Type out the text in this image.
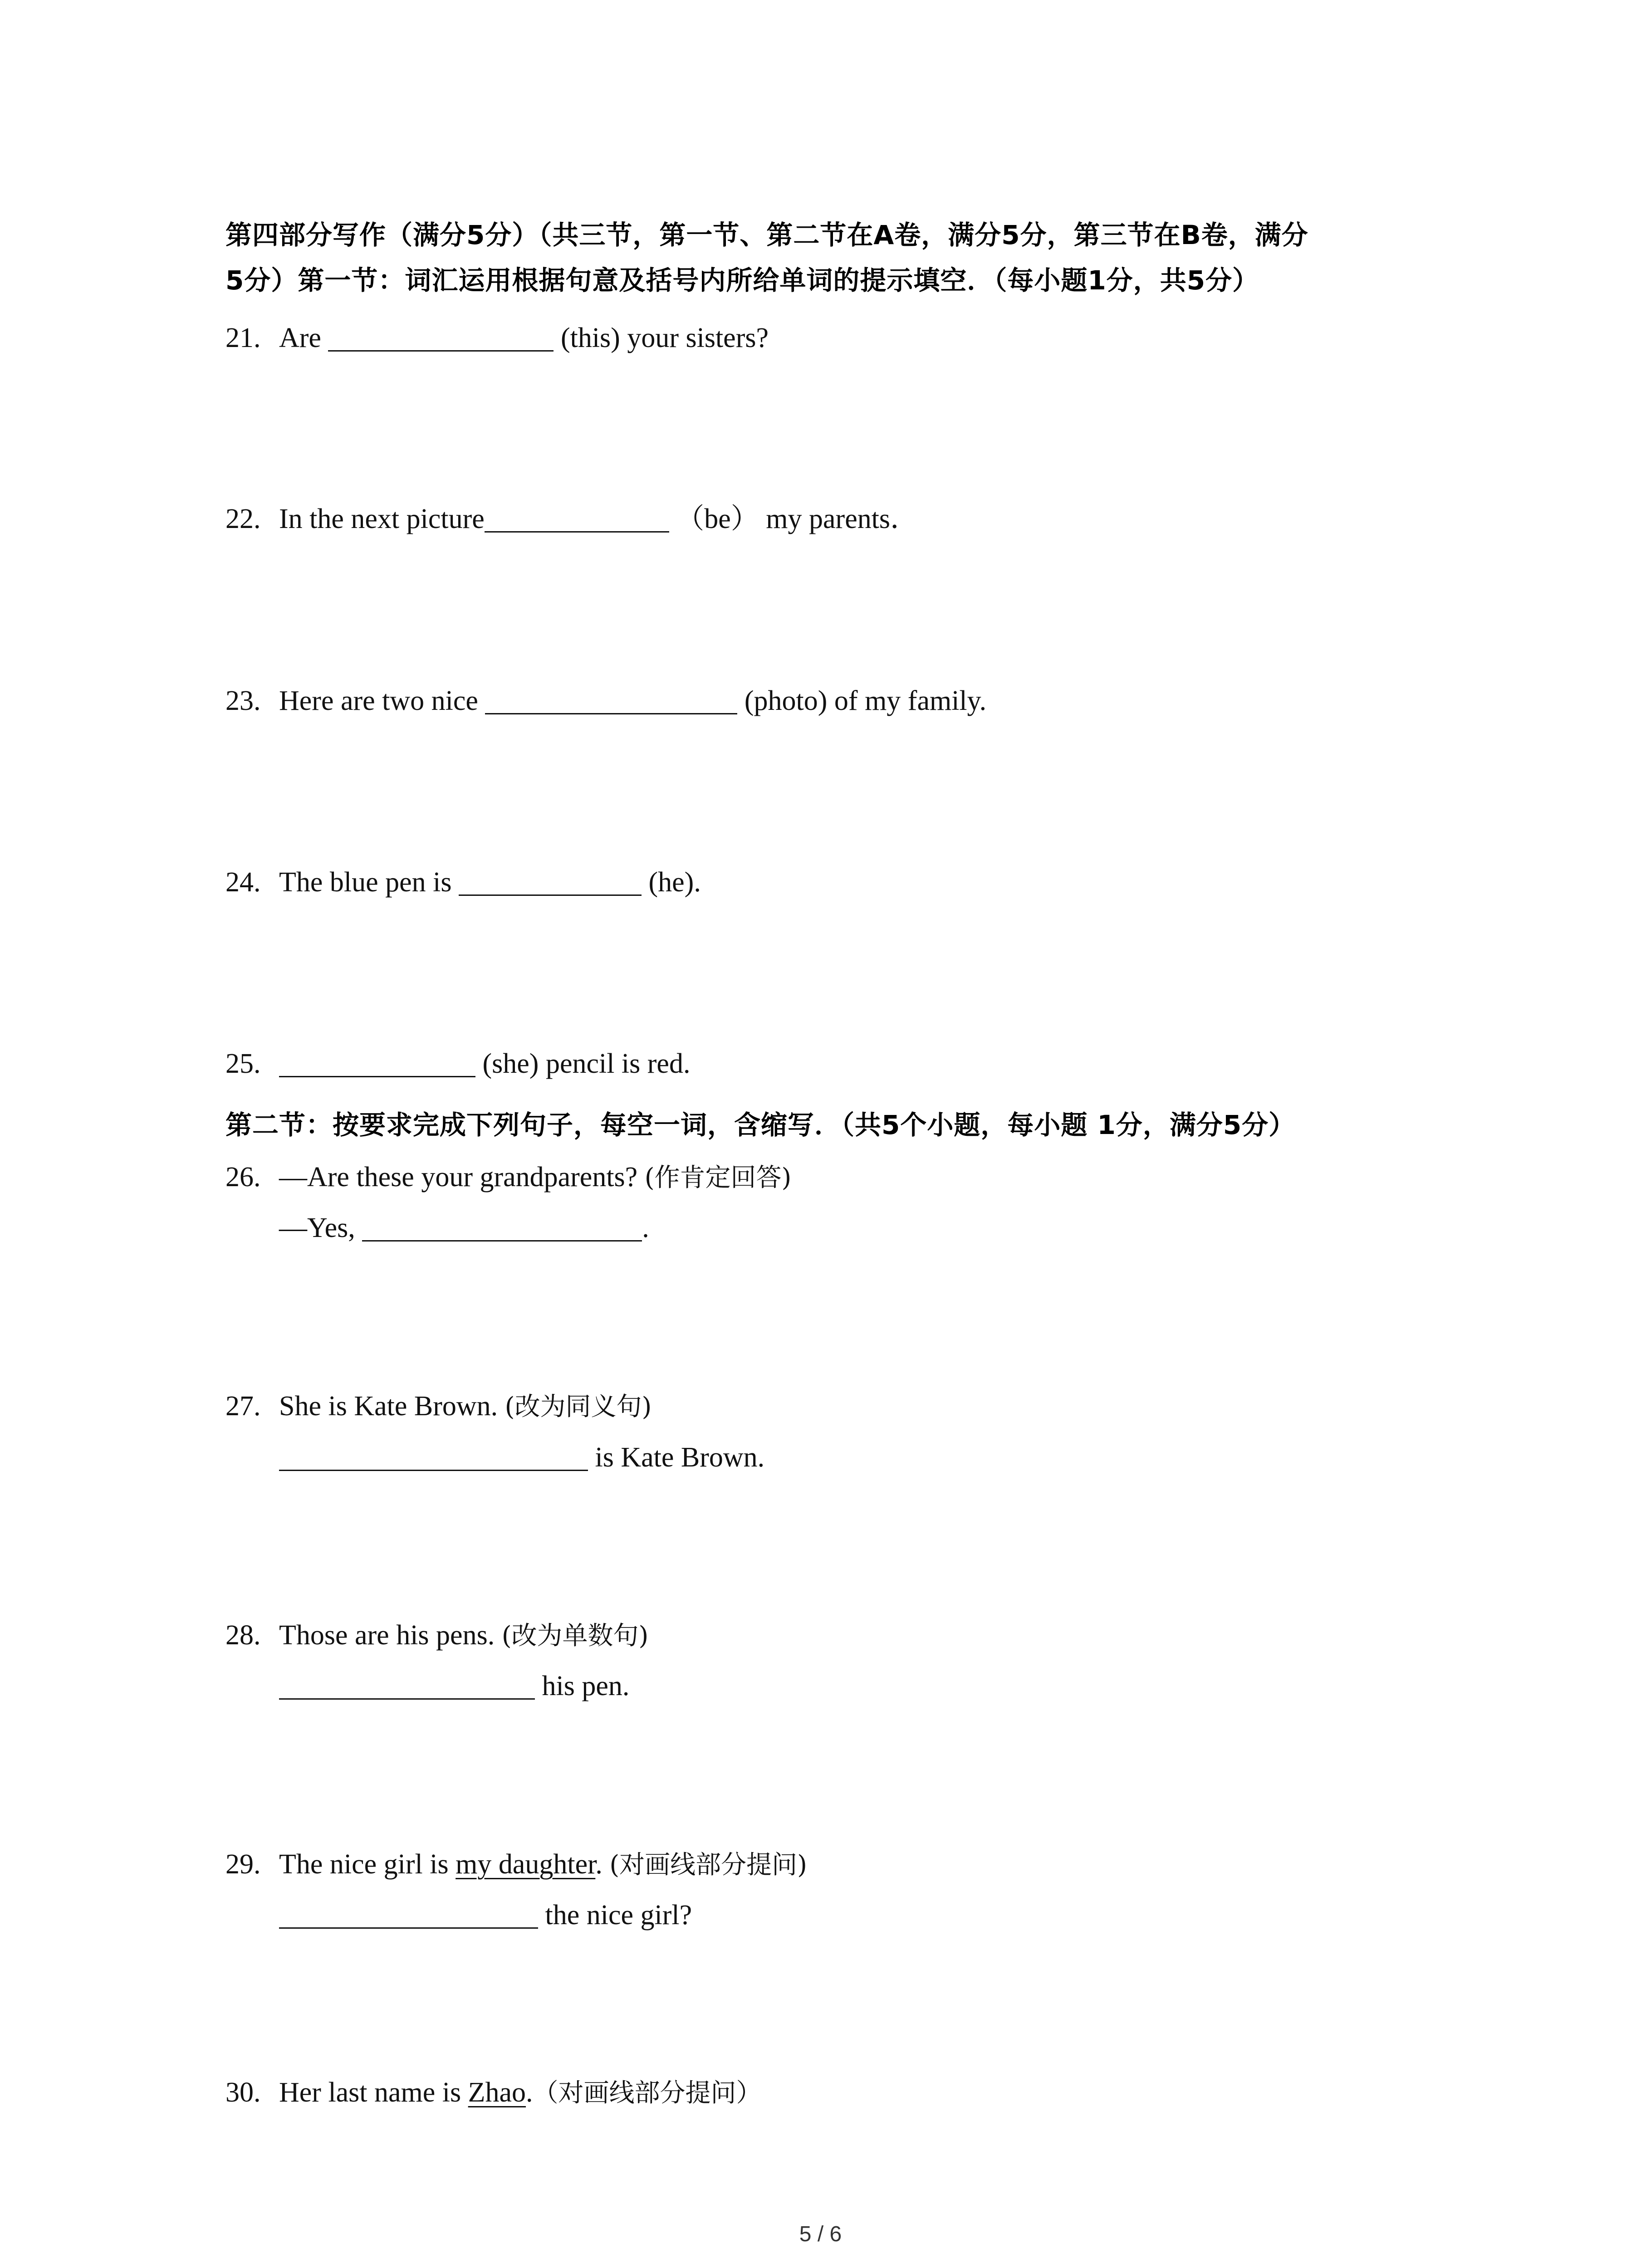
第四部分写作（满分5分）（共三节，第一节、第二节在A卷，满分5分，第三节在B卷，满分
5分）第一节：词汇运用根据句意及括号内所给单词的提示填空．（每小题1分，共5分）
21. Are	(this) your sisters?
22. In the next picture	（be） my parents．
23. Here are two nice	(photo) of my family.
24. The blue pen is	(he).
25.	(she) pencil is red.
第二节：按要求完成下列句子，每空一词，含缩写．（共5个小题，每小题 1分，满分5分）
26. —Are these your grandparents? (作肯定回答)
—Yes,	.
27. She is Kate Brown. (改为同义句)
is Kate Brown.
28. Those are his pens. (改为单数句)
his pen.
29. The nice girl is my daughter. (对画线部分提问)
the nice girl?
30. Her last name is Zhao.（对画线部分提问）
5 / 6
